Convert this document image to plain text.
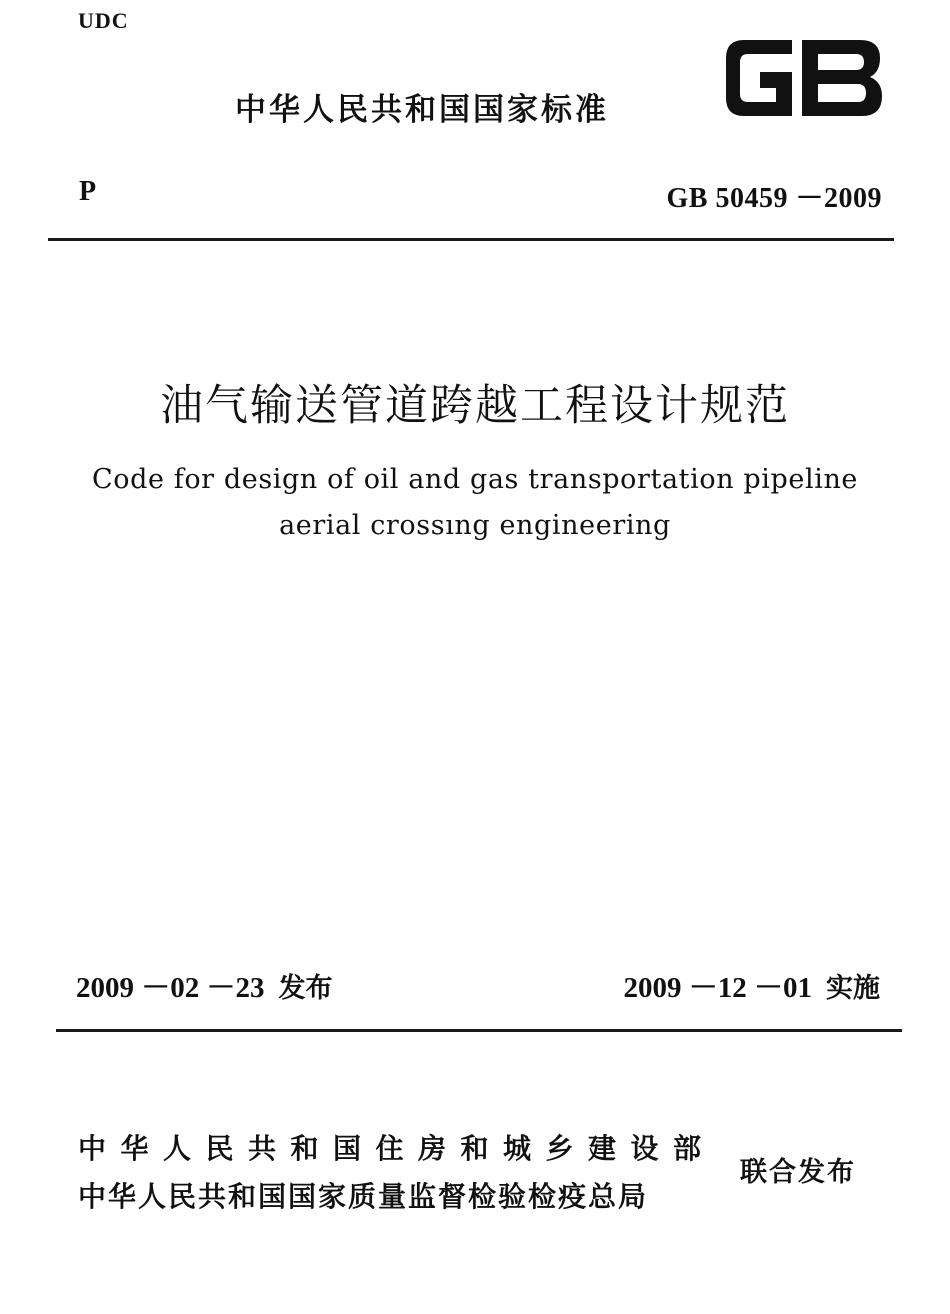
UDC
中华人民共和国国家标准
P	GB 50459 －2009
油气输送管道跨越工程设计规范
Code for design of oil and gas transportation pipeline
aerial crossıng engineering
2009 －02 －23 发布	2009 －12 －01 实施
中华人民共和国住房和城乡建设部
中华人民共和国国家质量监督检验检疫总局
联合发布
